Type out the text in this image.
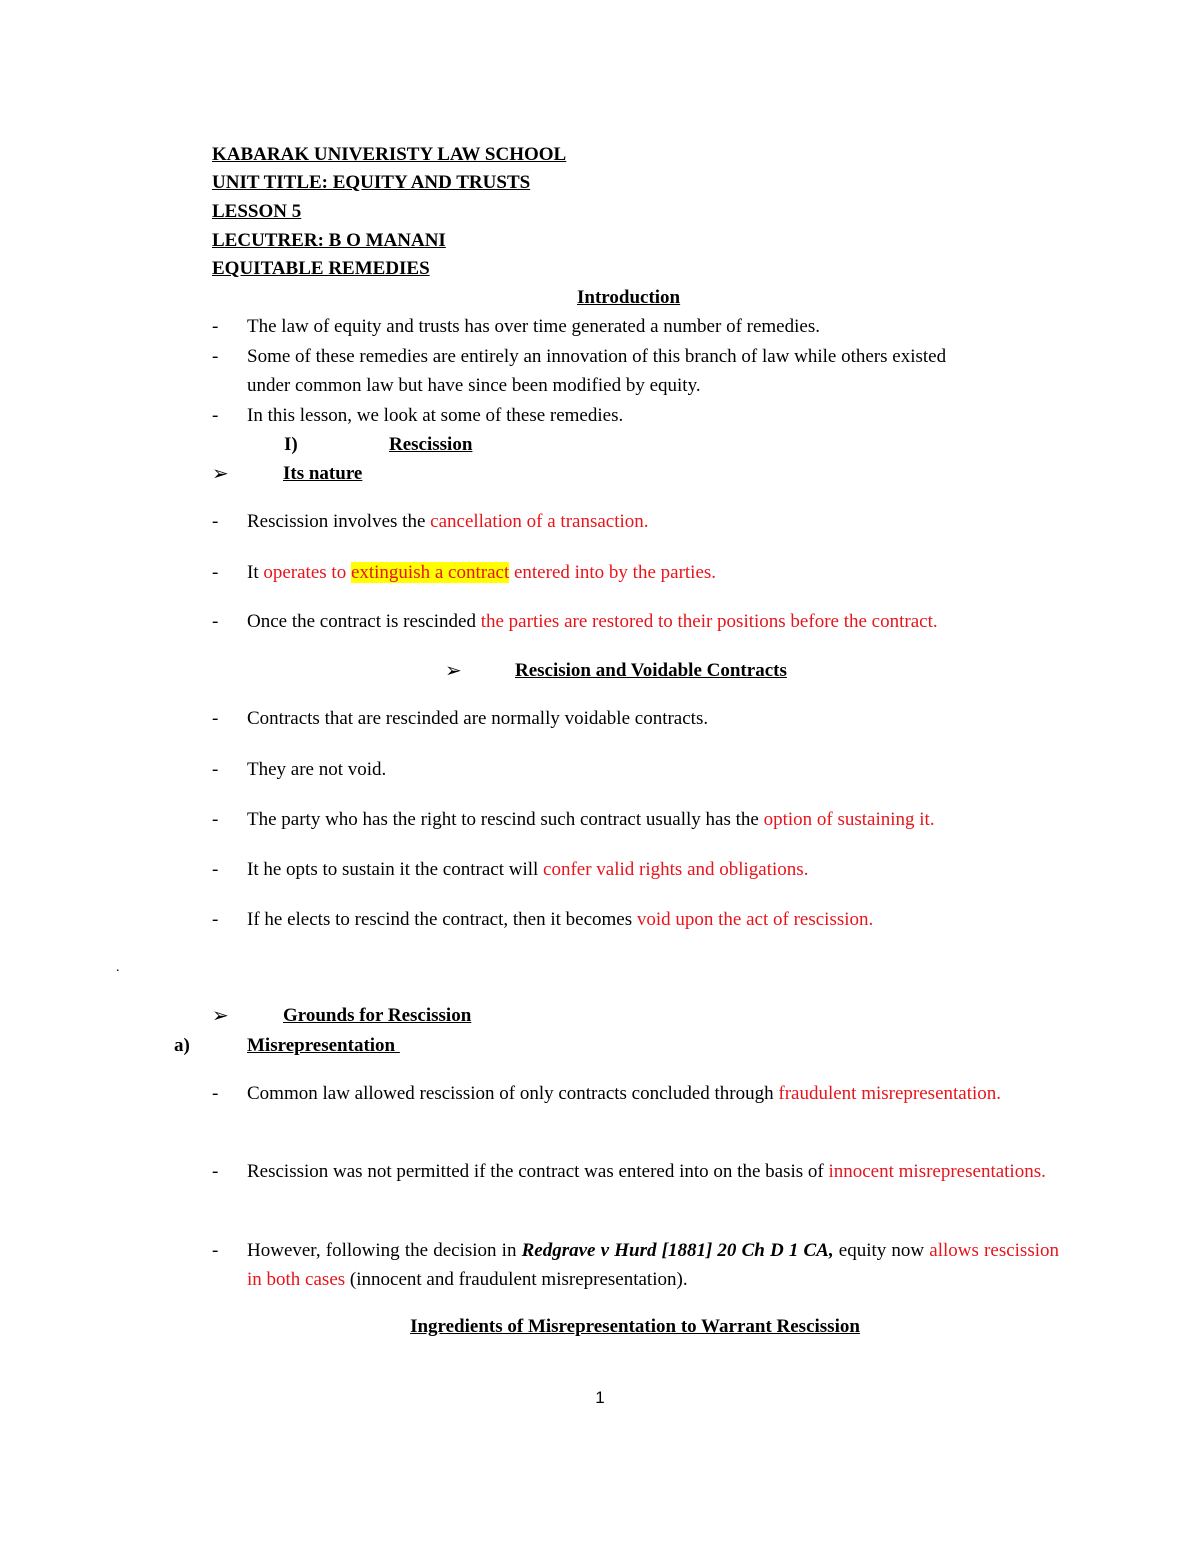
KABARAK UNIVERISTY LAW SCHOOL
UNIT TITLE: EQUITY AND TRUSTS
LESSON 5
LECUTRER: B O MANANI
EQUITABLE REMEDIES
Introduction
- The law of equity and trusts has over time generated a number of remedies.
- Some of these remedies are entirely an innovation of this branch of law while others existed
under common law but have since been modified by equity.
- In this lesson, we look at some of these remedies.
I)	Rescission
➢	Its nature
- Rescission involves the cancellation of a transaction.
- It operates to extinguish a contract entered into by the parties.
- Once the contract is rescinded the parties are restored to their positions before the contract.
➢	Rescision and Voidable Contracts
- Contracts that are rescinded are normally voidable contracts.
- They are not void.
- The party who has the right to rescind such contract usually has the option of sustaining it.
- It he opts to sustain it the contract will confer valid rights and obligations.
- If he elects to rescind the contract, then it becomes void upon the act of rescission.
.
➢	Grounds for Rescission
a)	Misrepresentation
- Common law allowed rescission of only contracts concluded through fraudulent misrepresentation.
- Rescission was not permitted if the contract was entered into on the basis of innocent misrepresentations.
- However, following the decision in Redgrave v Hurd [1881] 20 Ch D 1 CA, equity now allows rescission in both cases (innocent and fraudulent misrepresentation).
Ingredients of Misrepresentation to Warrant Rescission
1
